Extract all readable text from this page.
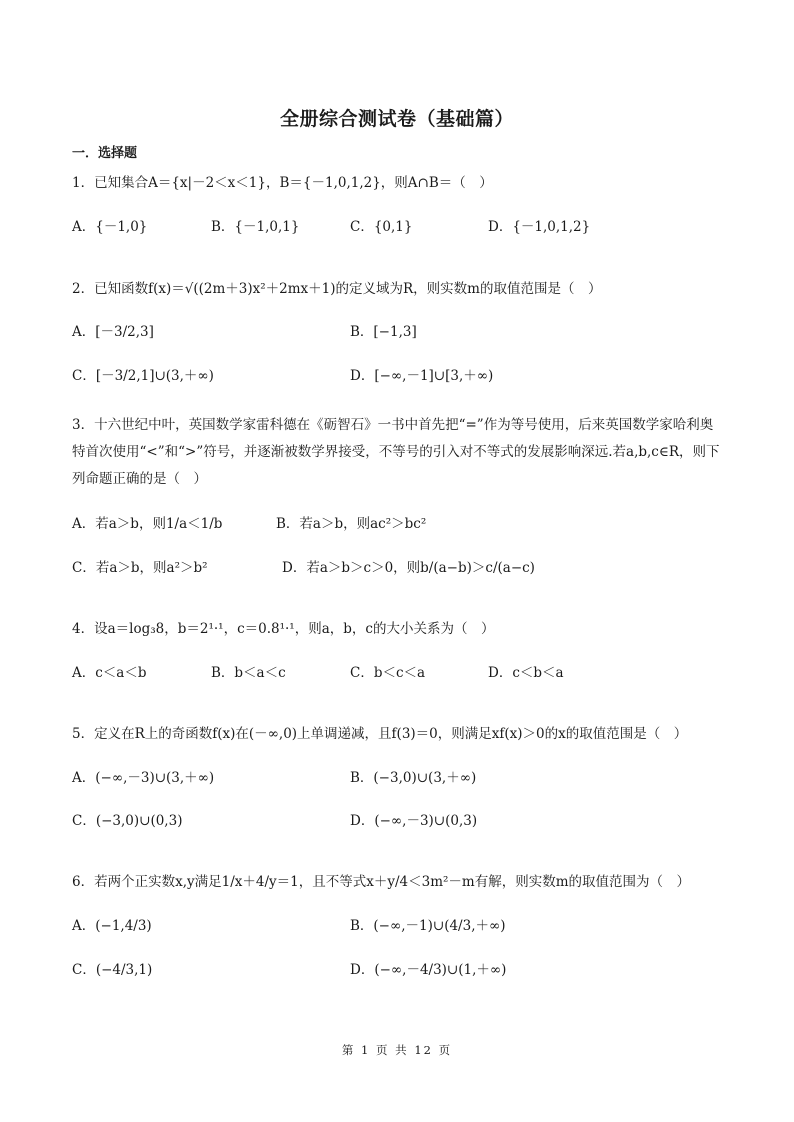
全册综合测试卷（基础篇）
一．选择题
1．已知集合A＝{x|－2＜x＜1}，B＝{－1,0,1,2}，则A∩B＝（　）
A．{－1,0}	B．{－1,0,1}	C．{0,1}	D．{－1,0,1,2}
2．已知函数f(x)＝√((2m＋3)x²＋2mx＋1)的定义域为R，则实数m的取值范围是（　）
A．[－3/2,3]	B．[−1,3]
C．[－3/2,1]∪(3,＋∞)	D．[−∞,－1]∪[3,＋∞)
3．十六世纪中叶，英国数学家雷科德在《砺智石》一书中首先把“=”作为等号使用，后来英国数学家哈利奥特首次使用“<”和“>”符号，并逐渐被数学界接受，不等号的引入对不等式的发展影响深远.若a,b,c∈R，则下列命题正确的是（　）
A．若a＞b，则1/a＜1/b	B．若a＞b，则ac²＞bc²
C．若a＞b，则a²＞b²	D．若a＞b＞c＞0，则b/(a−b)＞c/(a−c)
4．设a＝log₃8，b＝2¹·¹，c＝0.8¹·¹，则a，b，c的大小关系为（　）
A．c＜a＜b	B．b＜a＜c	C．b＜c＜a	D．c＜b＜a
5．定义在R上的奇函数f(x)在(－∞,0)上单调递减，且f(3)＝0，则满足xf(x)＞0的x的取值范围是（　）
A．(−∞,－3)∪(3,＋∞)	B．(−3,0)∪(3,＋∞)
C．(−3,0)∪(0,3)	D．(−∞,－3)∪(0,3)
6．若两个正实数x,y满足1/x＋4/y＝1，且不等式x＋y/4＜3m²－m有解，则实数m的取值范围为（　）
A．(−1,4/3)	B．(−∞,－1)∪(4/3,＋∞)
C．(−4/3,1)	D．(−∞,－4/3)∪(1,＋∞)
第 1 页 共 12 页
